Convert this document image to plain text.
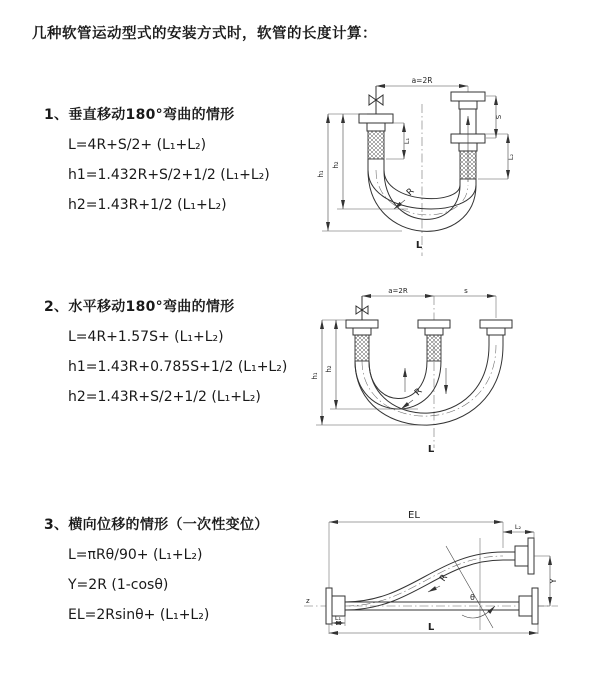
几种软管运动型式的安装方式时，软管的长度计算：
1、垂直移动180°弯曲的情形
L=4R+S/2+ (L₁+L₂)
h1=1.432R+S/2+1/2 (L₁+L₂)
h2=1.43R+1/2 (L₁+L₂)
2、水平移动180°弯曲的情形
L=4R+1.57S+ (L₁+L₂)
h1=1.43R+0.785S+1/2 (L₁+L₂)
h2=1.43R+S/2+1/2 (L₁+L₂)
3、横向位移的情形（一次性变位）
L=πRθ/90+ (L₁+L₂)
Y=2R (1-cosθ)
EL=2Rsinθ+ (L₁+L₂)
a=2R
h₁
h₂
L₁
S
L₂
R
L
a=2R	s
h₁
h₂
R
L
z
EL
L₂
Y
θ
R
L₁
L
